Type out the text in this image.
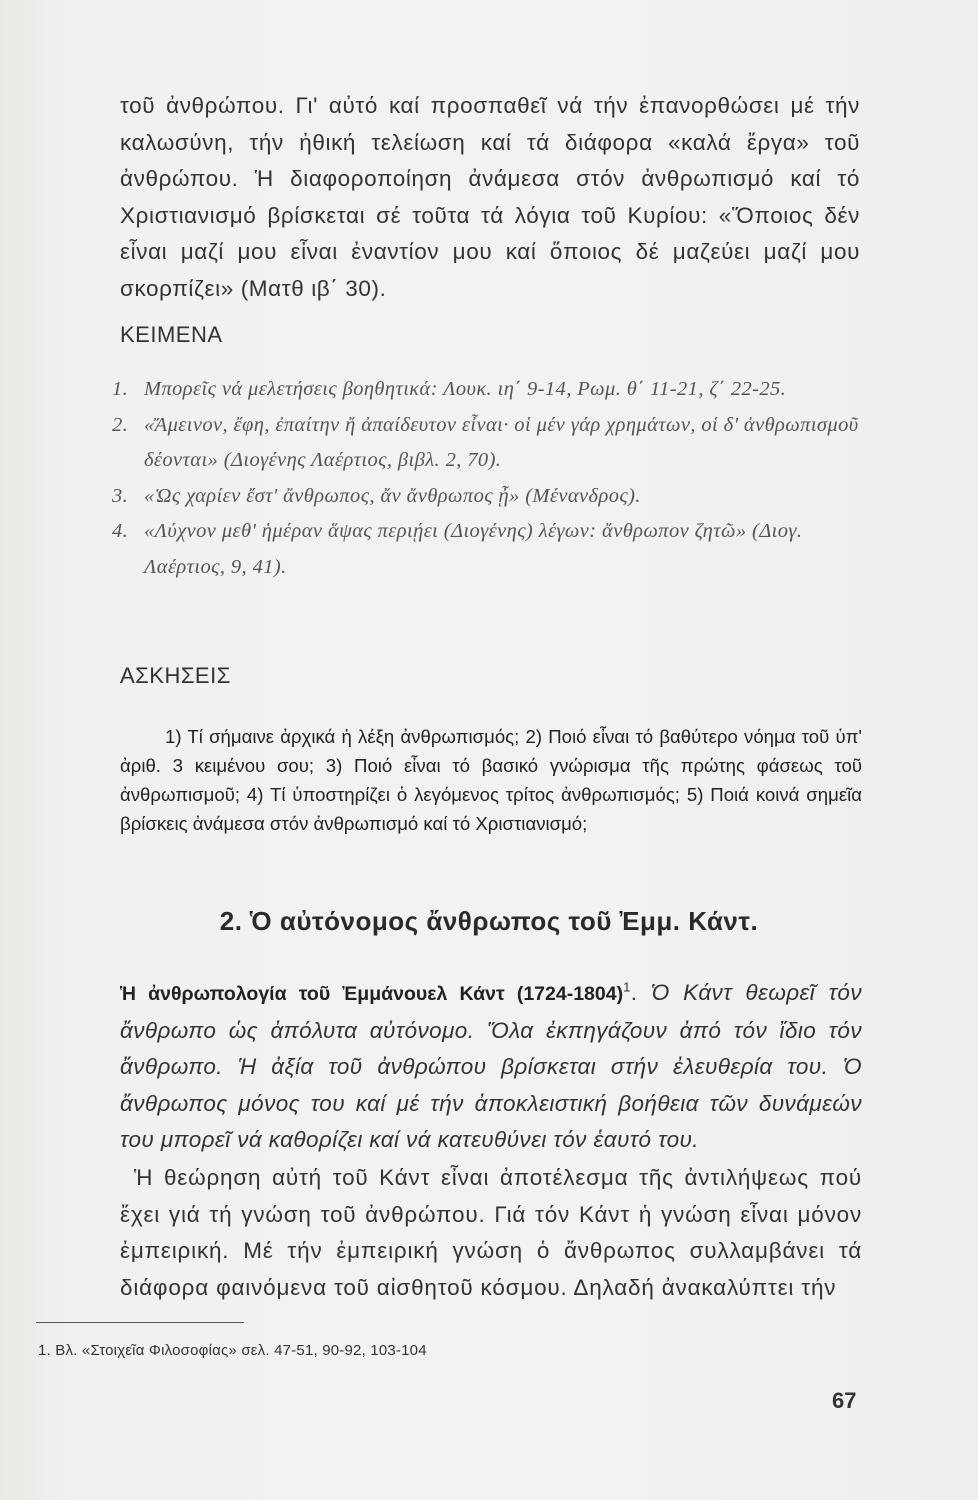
τοῦ ἀνθρώπου. Γι' αὐτό καί προσπαθεῖ νά τήν ἐπανορθώσει μέ τήν καλωσύνη, τήν ἠθική τελείωση καί τά διάφορα «καλά ἔργα» τοῦ ἀνθρώπου. Ἡ διαφοροποίηση ἀνάμεσα στόν ἀνθρωπισμό καί τό Χριστιανισμό βρίσκεται σέ τοῦτα τά λόγια τοῦ Κυρίου: «Ὅποιος δέν εἶναι μαζί μου εἶναι ἐναντίον μου καί ὅποιος δέ μαζεύει μαζί μου σκορπίζει» (Ματθ ιβ΄ 30).
ΚΕΙΜΕΝΑ
1. Μπορεῖς νά μελετήσεις βοηθητικά: Λουκ. ιη΄ 9-14, Ρωμ. θ΄ 11-21, ζ΄ 22-25.
2. «Ἄμεινον, ἔφη, ἐπαίτην ἤ ἀπαίδευτον εἶναι· οἱ μέν γάρ χρημάτων, οἱ δ' ἀνθρωπισμοῦ δέονται» (Διογένης Λαέρτιος, βιβλ. 2, 70).
3. «Ὡς χαρίεν ἔστ' ἄνθρωπος, ἄν ἄνθρωπος ᾖ» (Μένανδρος).
4. «Λύχνον μεθ' ἡμέραν ἅψας περιῄει (Διογένης) λέγων: ἄνθρωπον ζητῶ» (Διογ. Λαέρτιος, 9, 41).
ΑΣΚΗΣΕΙΣ
1) Τί σήμαινε ἀρχικά ἡ λέξη ἀνθρωπισμός; 2) Ποιό εἶναι τό βαθύτερο νόημα τοῦ ὑπ' ἀριθ. 3 κειμένου σου; 3) Ποιό εἶναι τό βασικό γνώρισμα τῆς πρώτης φάσεως τοῦ ἀνθρωπισμοῦ; 4) Τί ὑποστηρίζει ὁ λεγόμενος τρίτος ἀνθρωπισμός; 5) Ποιά κοινά σημεῖα βρίσκεις ἀνάμεσα στόν ἀνθρωπισμό καί τό Χριστιανισμό;
2. Ὁ αὐτόνομος ἄνθρωπος τοῦ Ἐμμ. Κάντ.
Ἡ ἀνθρωπολογία τοῦ Ἐμμάνουελ Κάντ (1724-1804)$^1$. Ὁ Κάντ θεωρεῖ τόν ἄνθρωπο ὡς ἀπόλυτα αὐτόνομο. Ὅλα ἐκπηγάζουν ἀπό τόν ἴδιο τόν ἄνθρωπο. Ἡ ἀξία τοῦ ἀνθρώπου βρίσκεται στήν ἐλευθερία του. Ὁ ἄνθρωπος μόνος του καί μέ τήν ἀποκλειστική βοήθεια τῶν δυνάμεών του μπορεῖ νά καθορίζει καί νά κατευθύνει τόν ἑαυτό του.
Ἡ θεώρηση αὐτή τοῦ Κάντ εἶναι ἀποτέλεσμα τῆς ἀντιλήψεως πού ἔχει γιά τή γνώση τοῦ ἀνθρώπου. Γιά τόν Κάντ ἡ γνώση εἶναι μόνον ἐμπειρική. Μέ τήν ἐμπειρική γνώση ὁ ἄνθρωπος συλλαμβάνει τά διάφορα φαινόμενα τοῦ αἰσθητοῦ κόσμου. Δηλαδή ἀνακαλύπτει τήν
1. Βλ. «Στοιχεῖα Φιλοσοφίας» σελ. 47-51, 90-92, 103-104
67
